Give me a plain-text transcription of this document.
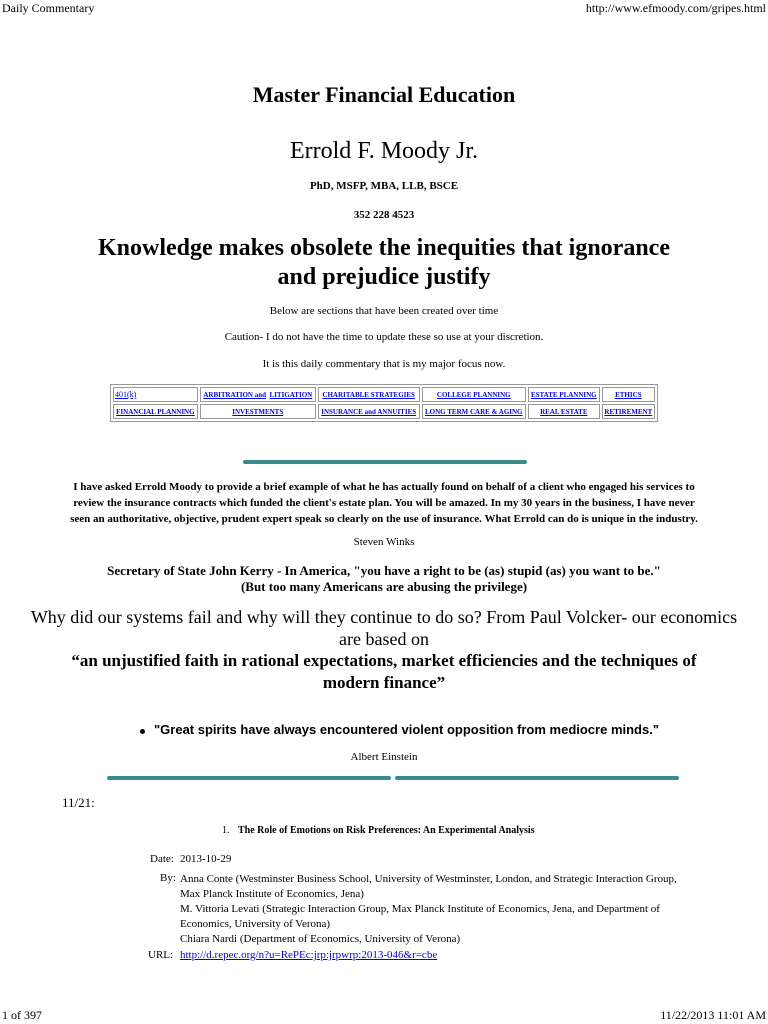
Daily Commentary	http://www.efmoody.com/gripes.html
Master Financial Education
Errold F. Moody Jr.
PhD, MSFP, MBA, LLB, BSCE
352 228 4523
Knowledge makes obsolete the inequities that ignorance
and prejudice justify
Below are sections that have been created over time
Caution- I do not have the time to update these so use at your discretion.
It is this daily commentary that is my major focus now.
401(k)	ARBITRATION and LITIGATION	CHARITABLE STRATEGIES	COLLEGE PLANNING	ESTATE PLANNING	ETHICS
FINANCIAL PLANNING	INVESTMENTS	INSURANCE and ANNUITIES	LONG TERM CARE & AGING	REAL ESTATE	RETIREMENT
I have asked Errold Moody to provide a brief example of what he has actually found on behalf of a client who engaged his services to
review the insurance contracts which funded the client's estate plan. You will be amazed. In my 30 years in the business, I have never
seen an authoritative, objective, prudent expert speak so clearly on the use of insurance. What Errold can do is unique in the industry.
Steven Winks
Secretary of State John Kerry - In America, "you have a right to be (as) stupid (as) you want to be."
(But too many Americans are abusing the privilege)
Why did our systems fail and why will they continue to do so? From Paul Volcker- our economics
are based on
“an unjustified faith in rational expectations, market efficiencies and the techniques of
modern finance”
"Great spirits have always encountered violent opposition from mediocre minds."
Albert Einstein
11/21:
1. The Role of Emotions on Risk Preferences: An Experimental Analysis
Date: 2013-10-29
By: Anna Conte (Westminster Business School, University of Westminster, London, and Strategic Interaction Group,
Max Planck Institute of Economics, Jena)
M. Vittoria Levati (Strategic Interaction Group, Max Planck Institute of Economics, Jena, and Department of
Economics, University of Verona)
Chiara Nardi (Department of Economics, University of Verona)
URL: http://d.repec.org/n?u=RePEc:jrp:jrpwrp:2013-046&r=cbe
1 of 397	11/22/2013 11:01 AM
